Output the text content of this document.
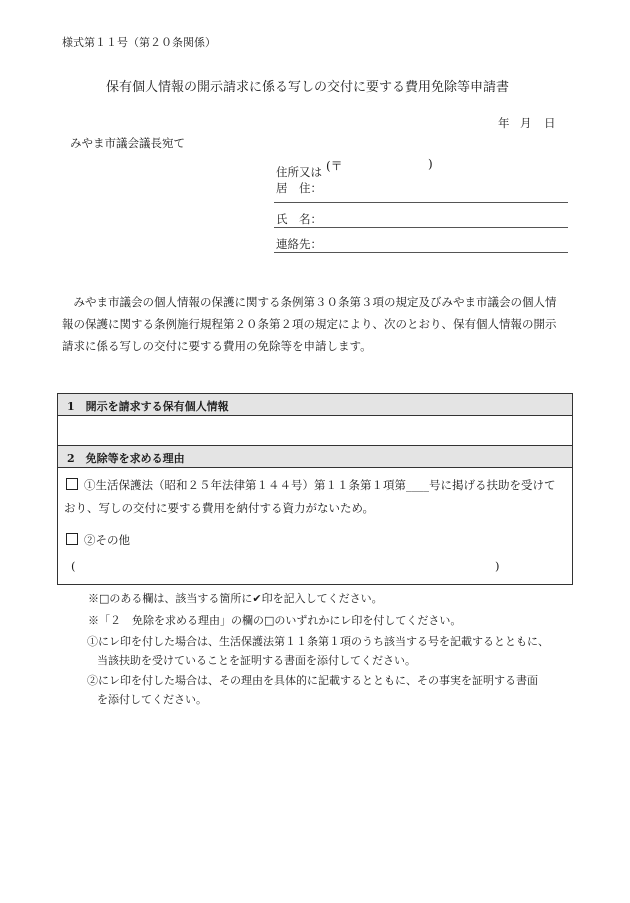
様式第１１号（第２０条関係）
保有個人情報の開示請求に係る写しの交付に要する費用免除等申請書
年 月 日
みやま市議会議長宛て
住所又は (〒	)
居　住：
氏　名：
連絡先：
　みやま市議会の個人情報の保護に関する条例第３０条第３項の規定及びみやま市議会の個人情
報の保護に関する条例施行規程第２０条第２項の規定により、次のとおり、保有個人情報の開示
請求に係る写しの交付に要する費用の免除等を申請します。
1　開示を請求する保有個人情報
2　免除等を求める理由
①生活保護法（昭和２５年法律第１４４号）第１１条第１項第____号に掲げる扶助を受けて
おり、写しの交付に要する費用を納付する資力がないため。
②その他
(	)
※□のある欄は、該当する箇所に✔印を記入してください。
※「２　免除を求める理由」の欄の□のいずれかにレ印を付してください。
①にレ印を付した場合は、生活保護法第１１条第１項のうち該当する号を記載するとともに、
当該扶助を受けていることを証明する書面を添付してください。
②にレ印を付した場合は、その理由を具体的に記載するとともに、その事実を証明する書面
を添付してください。
